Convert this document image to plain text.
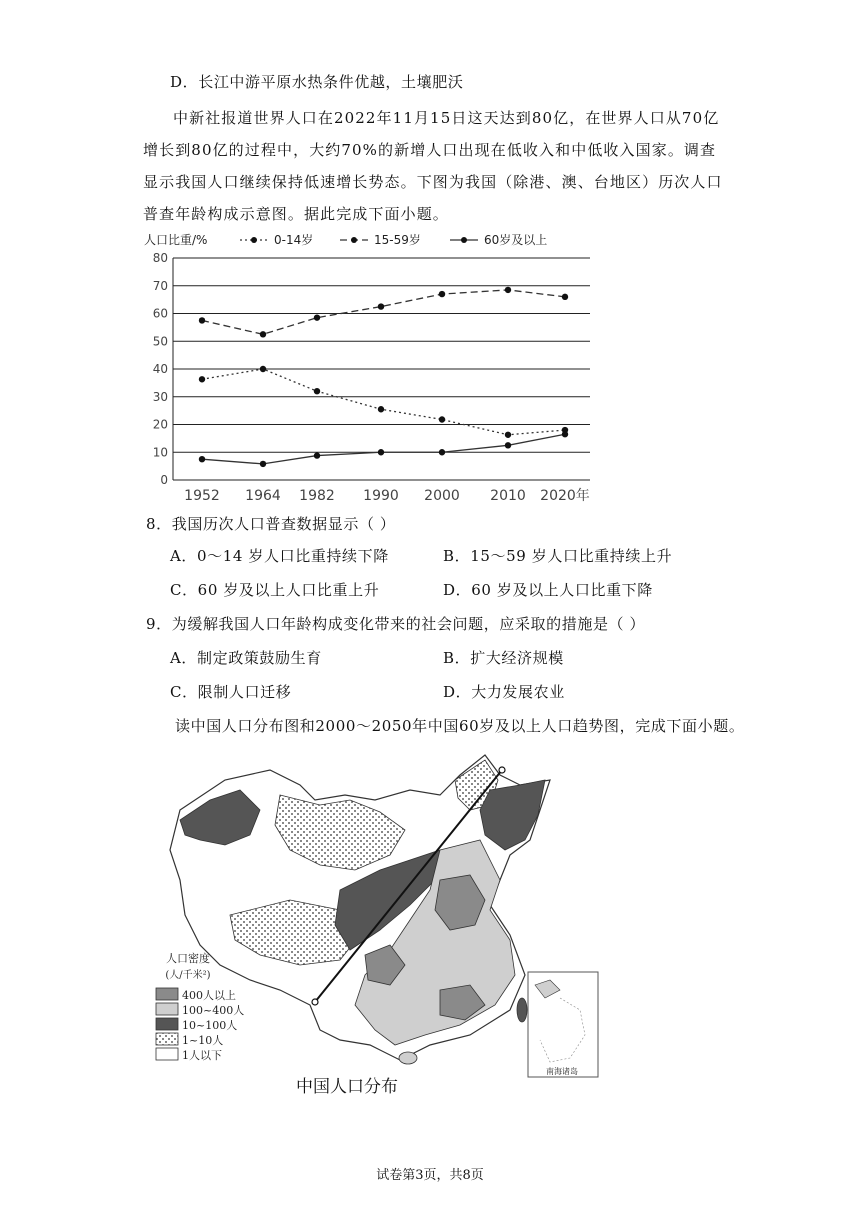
D．长江中游平原水热条件优越，土壤肥沃
中新社报道世界人口在2022年11月15日这天达到80亿，在世界人口从70亿增长到80亿的过程中，大约70%的新增人口出现在低收入和中低收入国家。调查显示我国人口继续保持低速增长势态。下图为我国（除港、澳、台地区）历次人口普查年龄构成示意图。据此完成下面小题。
人口比重/%	0-14岁	15-59岁	60岁及以上
0
10
20
30
40
50
60
70
80
1952 1964 1982 1990 2000 2010 2020年
8．我国历次人口普查数据显示（ ）
A．0～14 岁人口比重持续下降	B．15～59 岁人口比重持续上升
C．60 岁及以上人口比重上升	D．60 岁及以上人口比重下降
9．为缓解我国人口年龄构成变化带来的社会问题，应采取的措施是（ ）
A．制定政策鼓励生育	B．扩大经济规模
C．限制人口迁移	D．大力发展农业
读中国人口分布图和2000～2050年中国60岁及以上人口趋势图，完成下面小题。
南海诸岛
人口密度
(人/千米²)
400人以上
100~400人
10~100人
1~10人
1人以下
中国人口分布
试卷第3页，共8页
